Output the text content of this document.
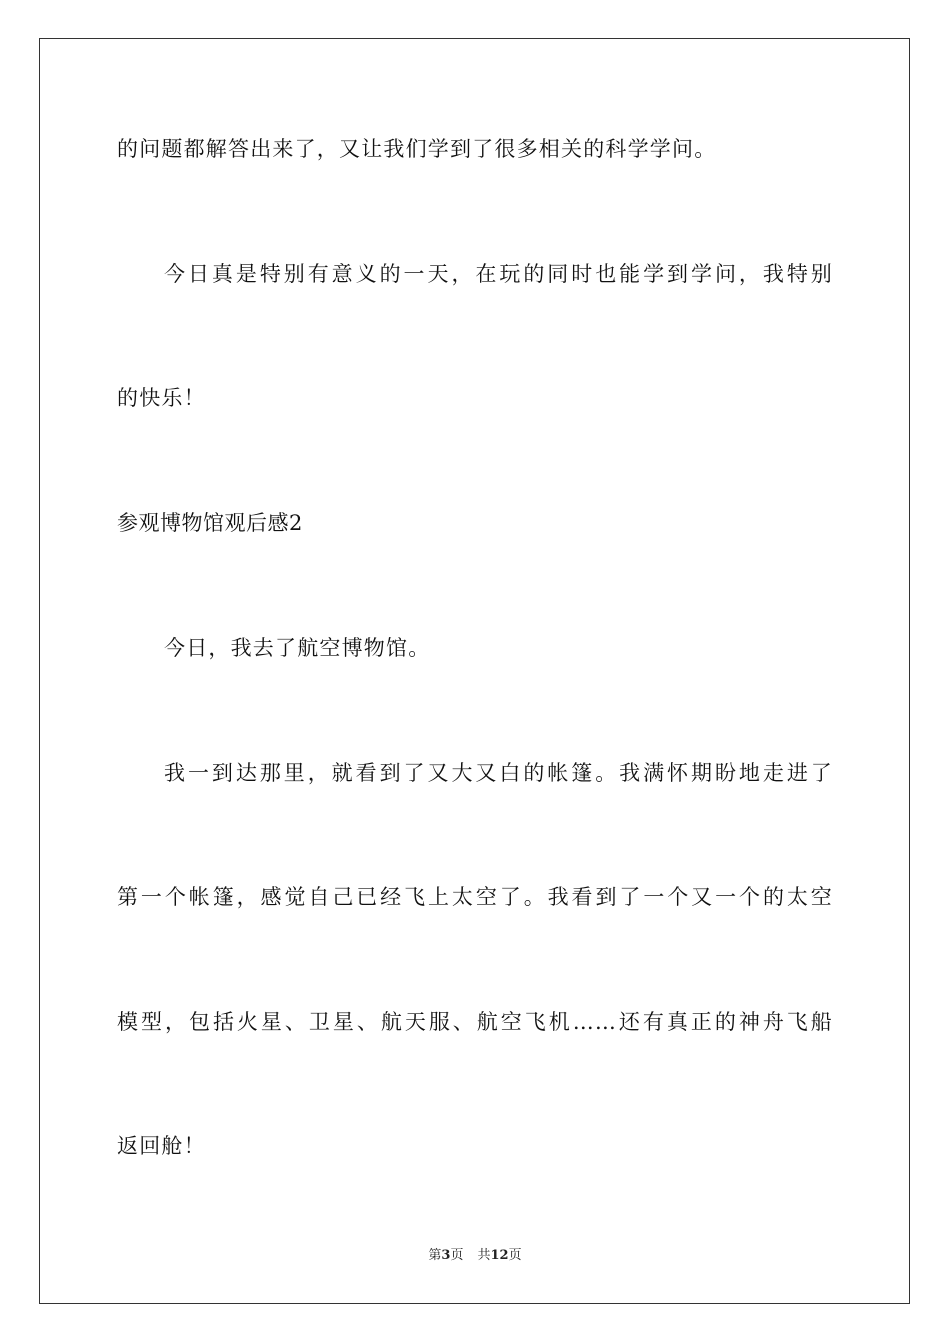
的问题都解答出来了，又让我们学到了很多相关的科学学问。
今日真是特别有意义的一天，在玩的同时也能学到学问，我特别
的快乐！
参观博物馆观后感2
今日，我去了航空博物馆。
我一到达那里，就看到了又大又白的帐篷。我满怀期盼地走进了
第一个帐篷，感觉自己已经飞上太空了。我看到了一个又一个的太空
模型，包括火星、卫星、航天服、航空飞机……还有真正的神舟飞船
返回舱！
第3页 共12页
